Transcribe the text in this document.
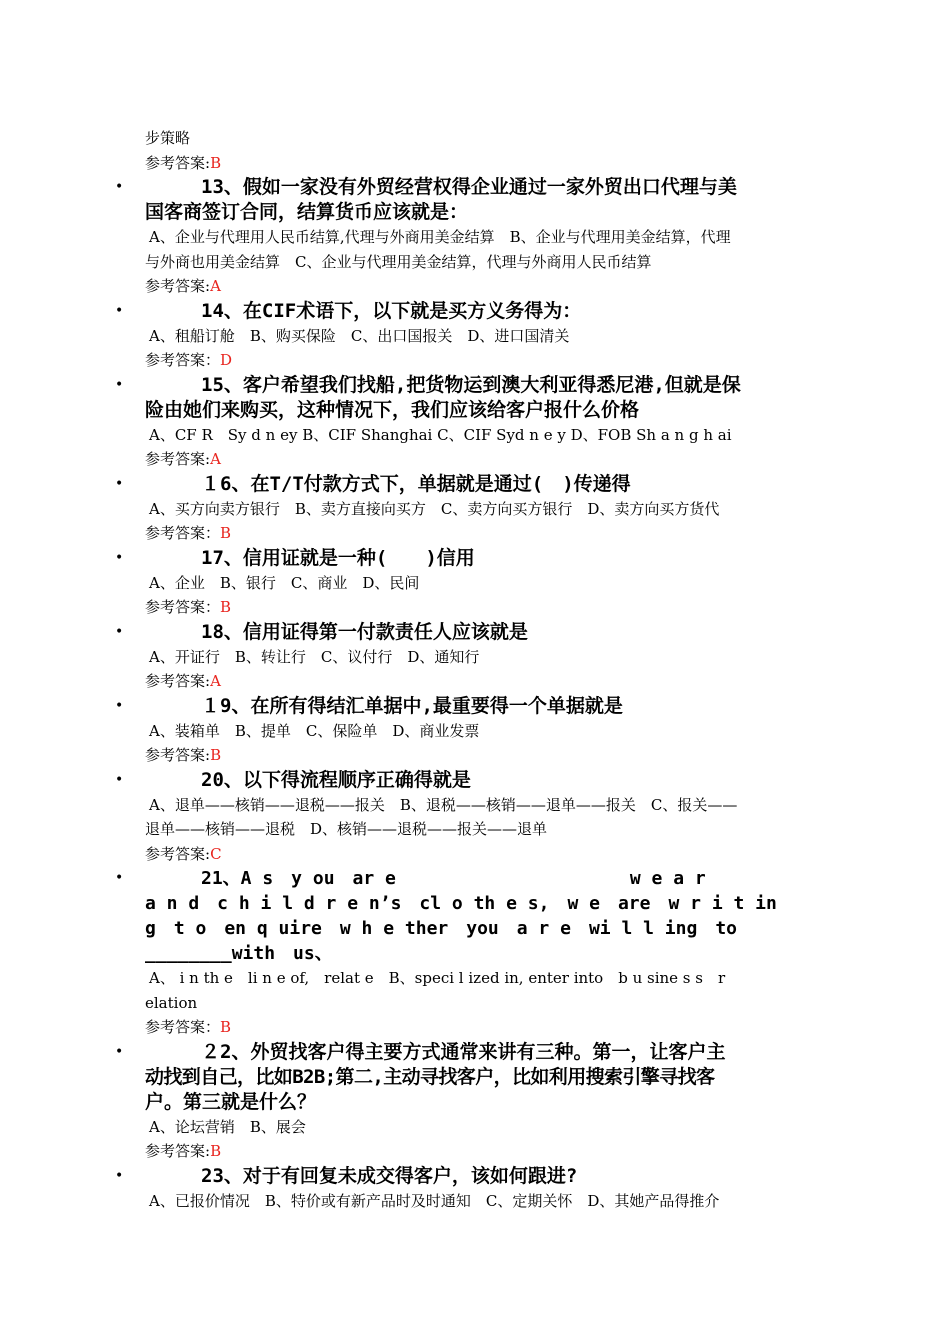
步策略
参考答案:B
•	13、假如一家没有外贸经营权得企业通过一家外贸出口代理与美
国客商签订合同，结算货币应该就是：
A、企业与代理用人民币结算,代理与外商用美金结算　B、企业与代理用美金结算，代理
与外商也用美金结算　C、企业与代理用美金结算，代理与外商用人民币结算
参考答案:A
•	14、在CIF术语下，以下就是买方义务得为：
A、租船订舱　B、购买保险　C、出口国报关　D、进口国清关
参考答案：D
•	15、客户希望我们找船,把货物运到澳大利亚得悉尼港,但就是保
险由她们来购买，这种情况下，我们应该给客户报什么价格
A、CF R　Sy d n ey B、CIF Shanghai C、CIF Syd n e y D、FOB Sh a n g h ai
参考答案:A
•	１6、在T/T付款方式下，单据就是通过(　)传递得
A、买方向卖方银行　B、卖方直接向买方　C、卖方向买方银行　D、卖方向买方货代
参考答案：B
•	17、信用证就是一种(　　)信用
A、企业　B、银行　C、商业　D、民间
参考答案：B
•	18、信用证得第一付款责任人应该就是
A、开证行　B、转让行　C、议付行　D、通知行
参考答案:A
•	１9、在所有得结汇单据中,最重要得一个单据就是
A、装箱单　B、提单　C、保险单　D、商业发票
参考答案:B
•	20、以下得流程顺序正确得就是
A、退单——核销——退税——报关　B、退税——核销——退单——报关　C、报关——
退单——核销——退税　D、核销——退税——报关——退单
参考答案:C
•	21、A s　y ou　ar e　　　　　　　　　　　　　w e a r
a n d　c h i l d r e n’s　cl o th e s,　w e　are　w r i t in
g　t o　en q uire　w h e ther　you　a r e　wi l l ing　to
________with　us、
A、 i n th e　li n e of,　relat e　B、speci l ized in, enter into　b u sine s s　r
elation
参考答案：B
•	２2、外贸找客户得主要方式通常来讲有三种。第一，让客户主
动找到自己，比如B2B;第二,主动寻找客户，比如利用搜索引擎寻找客
户。第三就是什么？
A、论坛营销　B、展会
参考答案:B
•	23、对于有回复未成交得客户，该如何跟进?
A、已报价情况　B、特价或有新产品时及时通知　C、定期关怀　D、其她产品得推介
